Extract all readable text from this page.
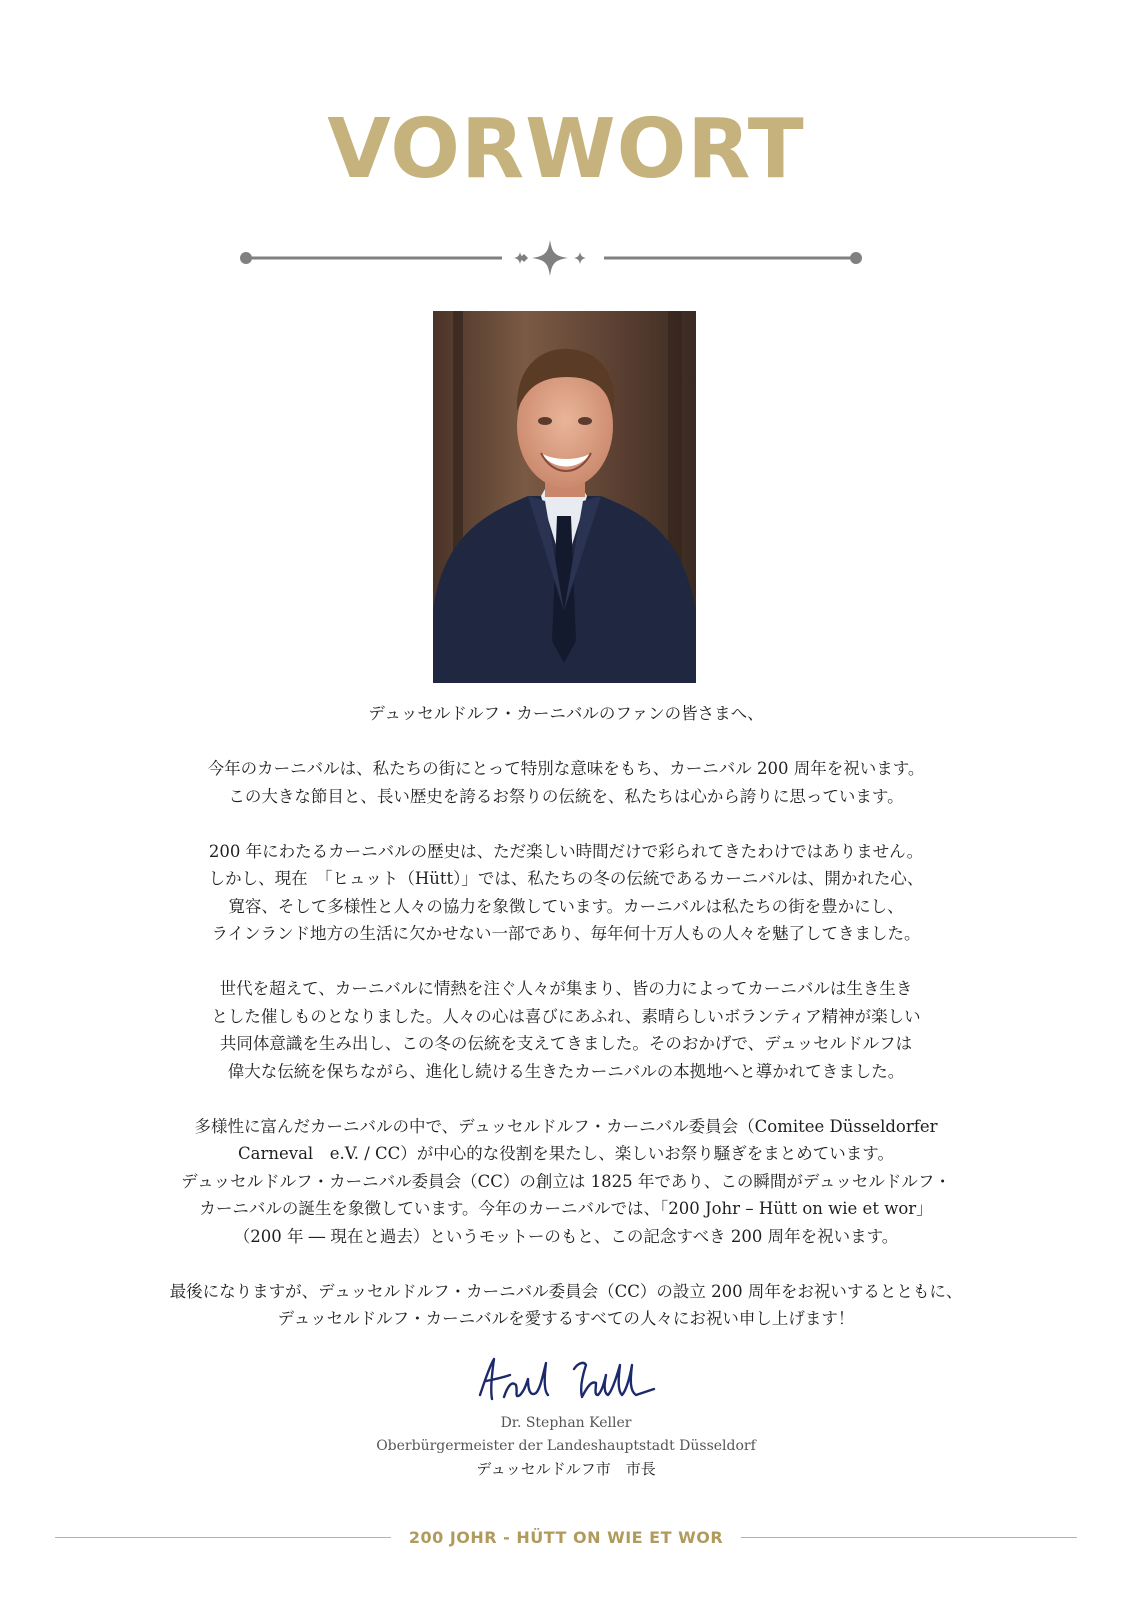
VORWORT

デュッセルドルフ・カーニバルのファンの皆さまへ、

今年のカーニバルは、私たちの街にとって特別な意味をもち、カーニバル 200 周年を祝います。
この大きな節目と、長い歴史を誇るお祭りの伝統を、私たちは心から誇りに思っています。

200 年にわたるカーニバルの歴史は、ただ楽しい時間だけで彩られてきたわけではありません。
しかし、現在　「ヒュット（Hütt）」では、私たちの冬の伝統であるカーニバルは、開かれた心、
寛容、そして多様性と人々の協力を象徴しています。カーニバルは私たちの街を豊かにし、
ラインランド地方の生活に欠かせない一部であり、毎年何十万人もの人々を魅了してきました。

世代を超えて、カーニバルに情熱を注ぐ人々が集まり、皆の力によってカーニバルは生き生き
とした催しものとなりました。人々の心は喜びにあふれ、素晴らしいボランティア精神が楽しい
共同体意識を生み出し、この冬の伝統を支えてきました。そのおかげで、デュッセルドルフは
偉大な伝統を保ちながら、進化し続ける生きたカーニバルの本拠地へと導かれてきました。

多様性に富んだカーニバルの中で、デュッセルドルフ・カーニバル委員会（Comitee Düsseldorfer
Carneval　e.V. / CC）が中心的な役割を果たし、楽しいお祭り騒ぎをまとめています。
デュッセルドルフ・カーニバル委員会（CC）の創立は 1825 年であり、この瞬間がデュッセルドルフ・
カーニバルの誕生を象徴しています。今年のカーニバルでは、「200 Johr – Hütt on wie et wor」
（200 年 ― 現在と過去）というモットーのもと、この記念すべき 200 周年を祝います。

最後になりますが、デュッセルドルフ・カーニバル委員会（CC）の設立 200 周年をお祝いするとともに、
デュッセルドルフ・カーニバルを愛するすべての人々にお祝い申し上げます！

Dr. Stephan Keller
Oberbürgermeister der Landeshauptstadt Düsseldorf
デュッセルドルフ市　市長
200 JOHR - HÜTT ON WIE ET WOR
